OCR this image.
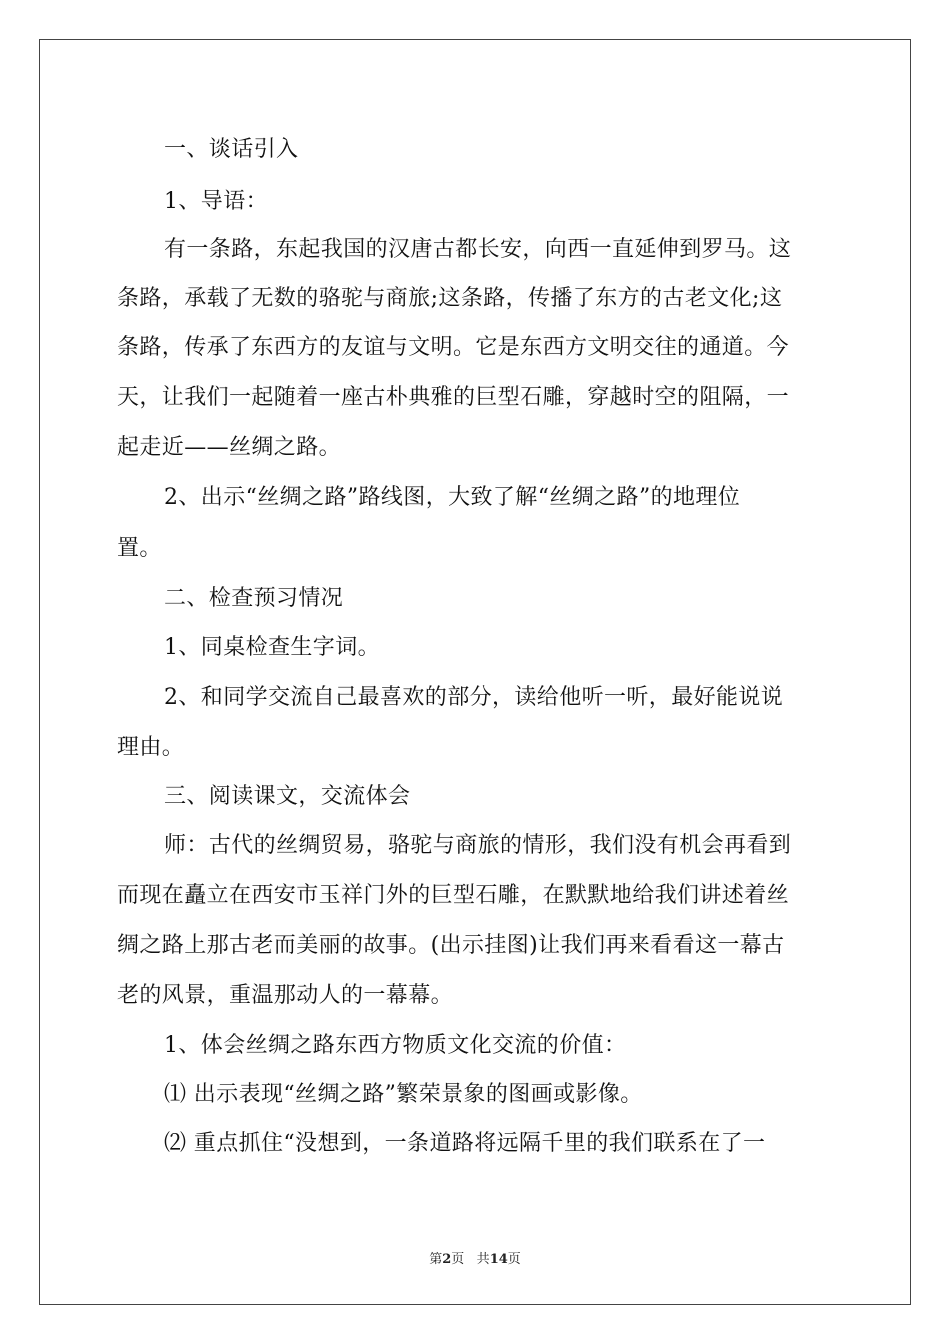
一、谈话引入
1、导语：
有一条路，东起我国的汉唐古都长安，向西一直延伸到罗马。这
条路，承载了无数的骆驼与商旅;这条路，传播了东方的古老文化;这
条路，传承了东西方的友谊与文明。它是东西方文明交往的通道。今
天，让我们一起随着一座古朴典雅的巨型石雕，穿越时空的阻隔，一
起走近——丝绸之路。
2、出示“丝绸之路”路线图，大致了解“丝绸之路”的地理位
置。
二、检查预习情况
1、同桌检查生字词。
2、和同学交流自己最喜欢的部分，读给他听一听，最好能说说
理由。
三、阅读课文，交流体会
师：古代的丝绸贸易，骆驼与商旅的情形，我们没有机会再看到
而现在矗立在西安市玉祥门外的巨型石雕，在默默地给我们讲述着丝
绸之路上那古老而美丽的故事。(出示挂图)让我们再来看看这一幕古
老的风景，重温那动人的一幕幕。
1、体会丝绸之路东西方物质文化交流的价值：
⑴ 出示表现“丝绸之路”繁荣景象的图画或影像。
⑵ 重点抓住“没想到，一条道路将远隔千里的我们联系在了一
第2页 共14页
